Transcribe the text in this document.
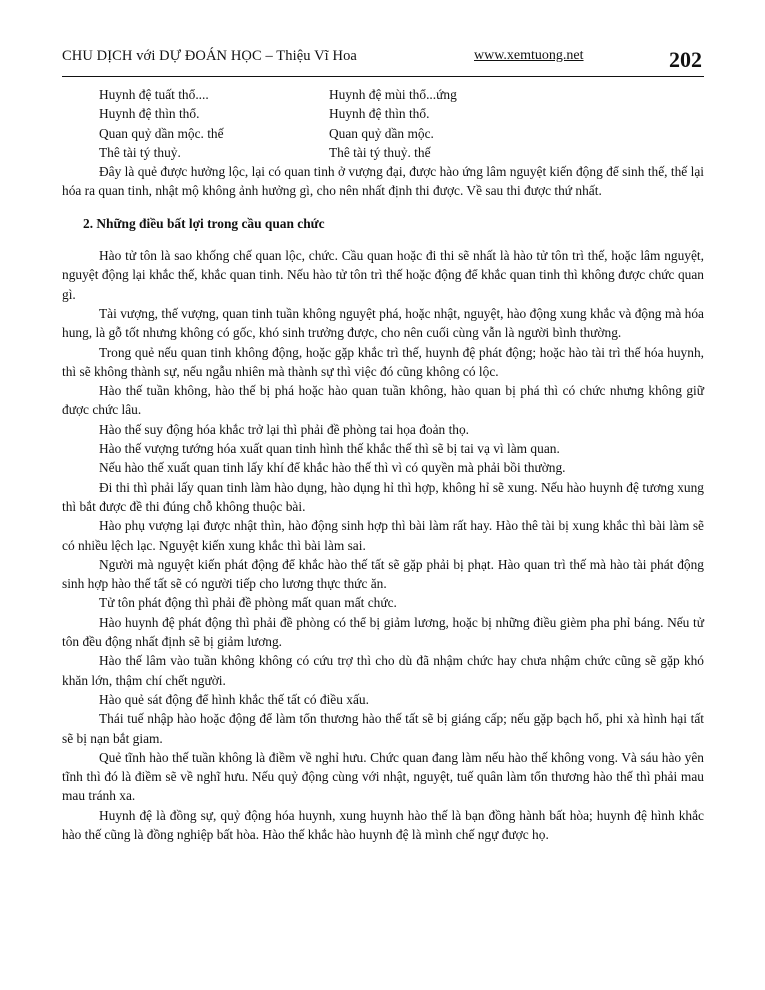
CHU DỊCH với DỰ ĐOÁN HỌC – Thiệu Vĩ Hoa	www.xemtuong.net	202
Huynh đệ tuất thổ....	Huynh đệ mùi thổ...ứng
Huynh đệ thìn thổ.	Huynh đệ thìn thổ.
Quan quỷ dần mộc. thế	Quan quỷ dần mộc.
Thê tài tý thuỷ.	Thê tài tý thuỷ. thế

Đây là quẻ được hưởng lộc, lại có quan tinh ở vượng đại, được hào ứng lâm nguyệt kiến động để sinh thế, thế lại hóa ra quan tinh, nhật mộ không ảnh hưởng gì, cho nên nhất định thi được. Về sau thi được thứ nhất.

2. Những điều bất lợi trong cầu quan chức

Hào tử tôn là sao khống chế quan lộc, chức. Cầu quan hoặc đi thi sẽ nhất là hào tử tôn trì thế, hoặc lâm nguyệt, nguyệt động lại khắc thế, khắc quan tinh. Nếu hào tử tôn trì thế hoặc động để khắc quan tinh thì không được chức quan gì.

Tài vượng, thế vượng, quan tinh tuần không nguyệt phá, hoặc nhật, nguyệt, hào động xung khắc và động mà hóa hung, là gỗ tốt nhưng không có gốc, khó sinh trưởng được, cho nên cuối cùng vẫn là người bình thường.

Trong quẻ nếu quan tinh không động, hoặc gặp khắc trì thế, huynh đệ phát động; hoặc hào tài trì thế hóa huynh, thì sẽ không thành sự, nếu ngẫu nhiên mà thành sự thì việc đó cũng không có lộc.

Hào thế tuần không, hào thế bị phá hoặc hào quan tuần không, hào quan bị phá thì có chức nhưng không giữ được chức lâu.

Hào thế suy động hóa khắc trở lại thì phải đề phòng tai họa đoản thọ.

Hào thế vượng tướng hóa xuất quan tinh hình thế khắc thế thì sẽ bị tai vạ vì làm quan.

Nếu hào thế xuất quan tinh lấy khí để khắc hào thế thì vì có quyền mà phải bồi thường.

Đi thi thì phải lấy quan tinh làm hào dụng, hào dụng hỉ thì hợp, không hỉ sẽ xung. Nếu hào huynh đệ tương xung thì bắt được đề thi đúng chỗ không thuộc bài.

Hào phụ vượng lại được nhật thìn, hào động sinh hợp thì bài làm rất hay. Hào thê tài bị xung khắc thì bài làm sẽ có nhiều lệch lạc. Nguyệt kiến xung khắc thì bài làm sai.

Người mà nguyệt kiến phát động để khắc hào thế tất sẽ gặp phải bị phạt. Hào quan trì thế mà hào tài phát động sinh hợp hào thế tất sẽ có người tiếp cho lương thực thức ăn.

Tử tôn phát động thì phải đề phòng mất quan mất chức.

Hào huynh đệ phát động thì phải đề phòng có thể bị giảm lương, hoặc bị những điều gièm pha phỉ báng. Nếu tử tôn đều động nhất định sẽ bị giảm lương.

Hào thế lâm vào tuần không không có cứu trợ thì cho dù đã nhậm chức hay chưa nhậm chức cũng sẽ gặp khó khăn lớn, thậm chí chết người.

Hào quẻ sát động để hình khắc thế tất có điều xấu.

Thái tuế nhập hào hoặc động để làm tổn thương hào thế tất sẽ bị giáng cấp; nếu gặp bạch hổ, phi xà hình hại tất sẽ bị nạn bắt giam.

Quẻ tĩnh hào thế tuần không là điềm về nghỉ hưu. Chức quan đang làm nếu hào thế không vong. Và sáu hào yên tĩnh thì đó là điềm sẽ về nghĩ hưu. Nếu quỷ động cùng với nhật, nguyệt, tuế quân làm tổn thương hào thế thì phải mau mau tránh xa.

Huynh đệ là đồng sự, quỷ động hóa huynh, xung huynh hào thế là bạn đồng hành bất hòa; huynh đệ hình khắc hào thế cũng là đồng nghiệp bất hòa. Hào thế khắc hào huynh đệ là mình chế ngự được họ.
